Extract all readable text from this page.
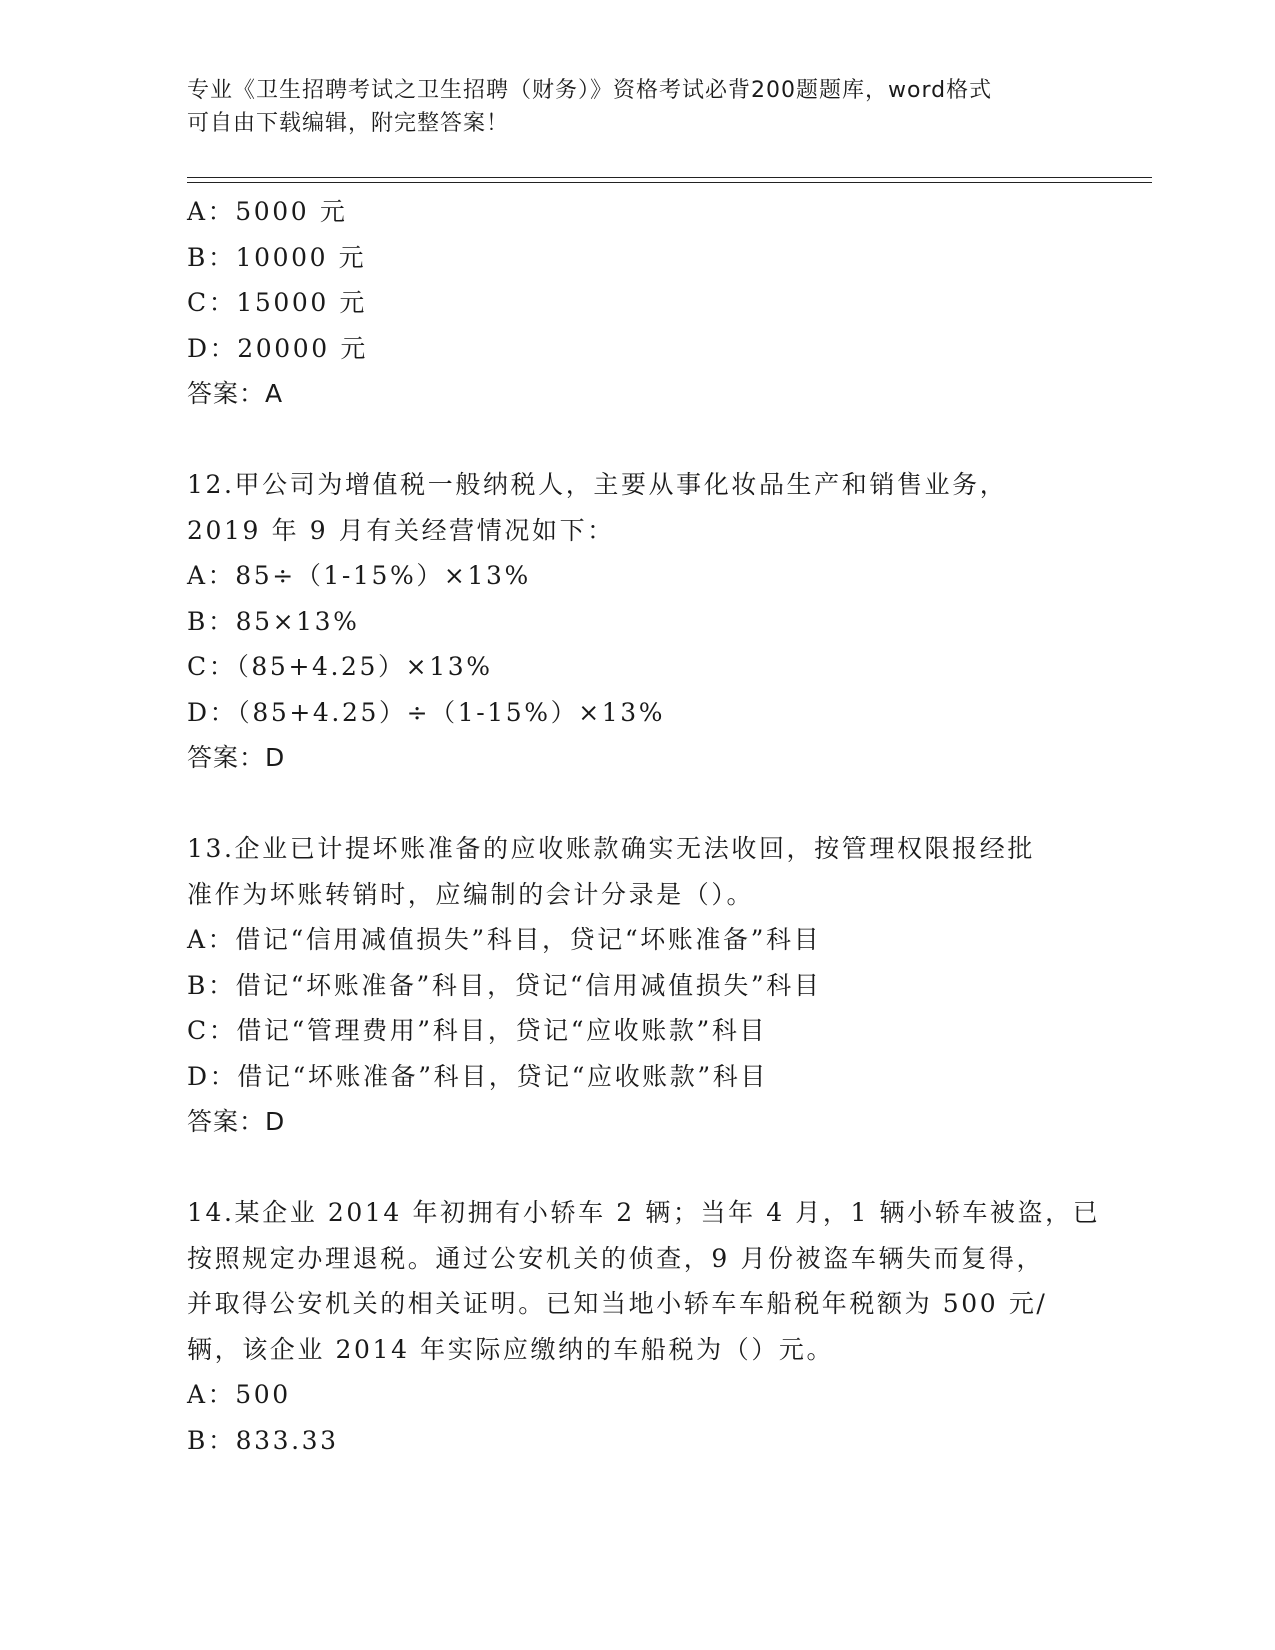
专业《卫生招聘考试之卫生招聘（财务）》资格考试必背200题题库，word格式
可自由下载编辑，附完整答案！
A：5000 元
B：10000 元
C：15000 元
D：20000 元
答案：A
12.甲公司为增值税一般纳税人，主要从事化妆品生产和销售业务，
2019 年 9 月有关经营情况如下：
A：85÷（1-15%）×13%
B：85×13%
C：（85+4.25）×13%
D：（85+4.25）÷（1-15%）×13%
答案：D
13.企业已计提坏账准备的应收账款确实无法收回，按管理权限报经批
准作为坏账转销时，应编制的会计分录是（）。
A：借记“信用减值损失”科目，贷记“坏账准备”科目
B：借记“坏账准备”科目，贷记“信用减值损失”科目
C：借记“管理费用”科目，贷记“应收账款”科目
D：借记“坏账准备”科目，贷记“应收账款”科目
答案：D
14.某企业 2014 年初拥有小轿车 2 辆；当年 4 月，1 辆小轿车被盗，已
按照规定办理退税。通过公安机关的侦查，9 月份被盗车辆失而复得，
并取得公安机关的相关证明。已知当地小轿车车船税年税额为 500 元/
辆，该企业 2014 年实际应缴纳的车船税为（）元。
A：500
B：833.33
